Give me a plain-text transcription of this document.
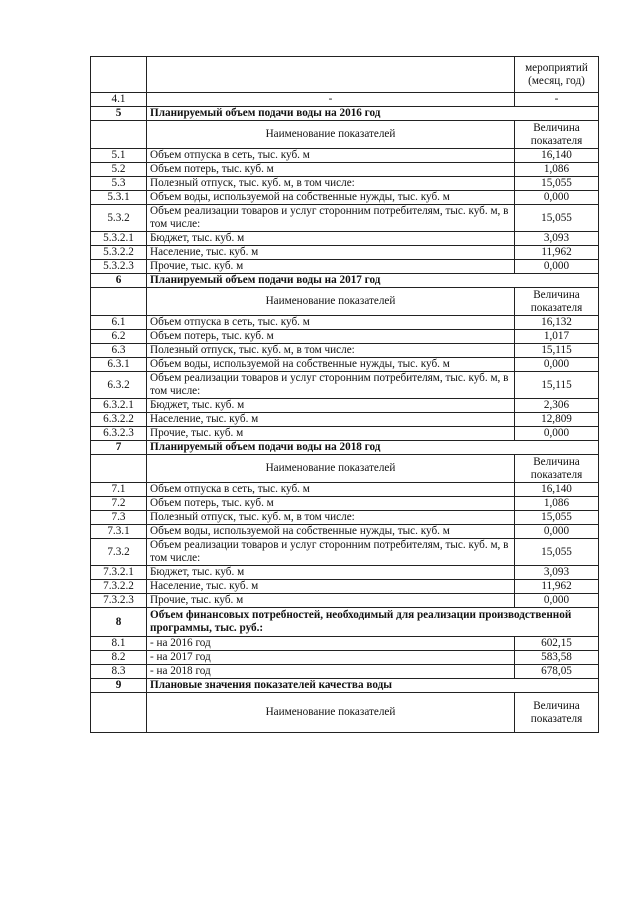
		мероприятий (месяц, год)
4.1	-	-
5	Планируемый объем подачи воды на 2016 год	
	Наименование показателей	Величина показателя
5.1	Объем отпуска в сеть, тыс. куб. м	16,140
5.2	Объем потерь, тыс. куб. м	1,086
5.3	Полезный отпуск, тыс. куб. м, в том числе:	15,055
5.3.1	Объем воды, используемой на собственные нужды, тыс. куб. м	0,000
5.3.2	Объем реализации товаров и услуг сторонним потребителям, тыс. куб. м, в том числе:	15,055
5.3.2.1	Бюджет, тыс. куб. м	3,093
5.3.2.2	Население, тыс. куб. м	11,962
5.3.2.3	Прочие, тыс. куб. м	0,000
6	Планируемый объем подачи воды на 2017 год	
	Наименование показателей	Величина показателя
6.1	Объем отпуска в сеть, тыс. куб. м	16,132
6.2	Объем потерь, тыс. куб. м	1,017
6.3	Полезный отпуск, тыс. куб. м, в том числе:	15,115
6.3.1	Объем воды, используемой на собственные нужды, тыс. куб. м	0,000
6.3.2	Объем реализации товаров и услуг сторонним потребителям, тыс. куб. м, в том числе:	15,115
6.3.2.1	Бюджет, тыс. куб. м	2,306
6.3.2.2	Население, тыс. куб. м	12,809
6.3.2.3	Прочие, тыс. куб. м	0,000
7	Планируемый объем подачи воды на 2018 год	
	Наименование показателей	Величина показателя
7.1	Объем отпуска в сеть, тыс. куб. м	16,140
7.2	Объем потерь, тыс. куб. м	1,086
7.3	Полезный отпуск, тыс. куб. м, в том числе:	15,055
7.3.1	Объем воды, используемой на собственные нужды, тыс. куб. м	0,000
7.3.2	Объем реализации товаров и услуг сторонним потребителям, тыс. куб. м, в том числе:	15,055
7.3.2.1	Бюджет, тыс. куб. м	3,093
7.3.2.2	Население, тыс. куб. м	11,962
7.3.2.3	Прочие, тыс. куб. м	0,000
8	Объем финансовых потребностей, необходимый для реализации производственной программы, тыс. руб.:	
8.1	- на 2016 год	602,15
8.2	- на 2017 год	583,58
8.3	- на 2018 год	678,05
9	Плановые значения показателей качества воды	
	Наименование показателей	Величина показателя
